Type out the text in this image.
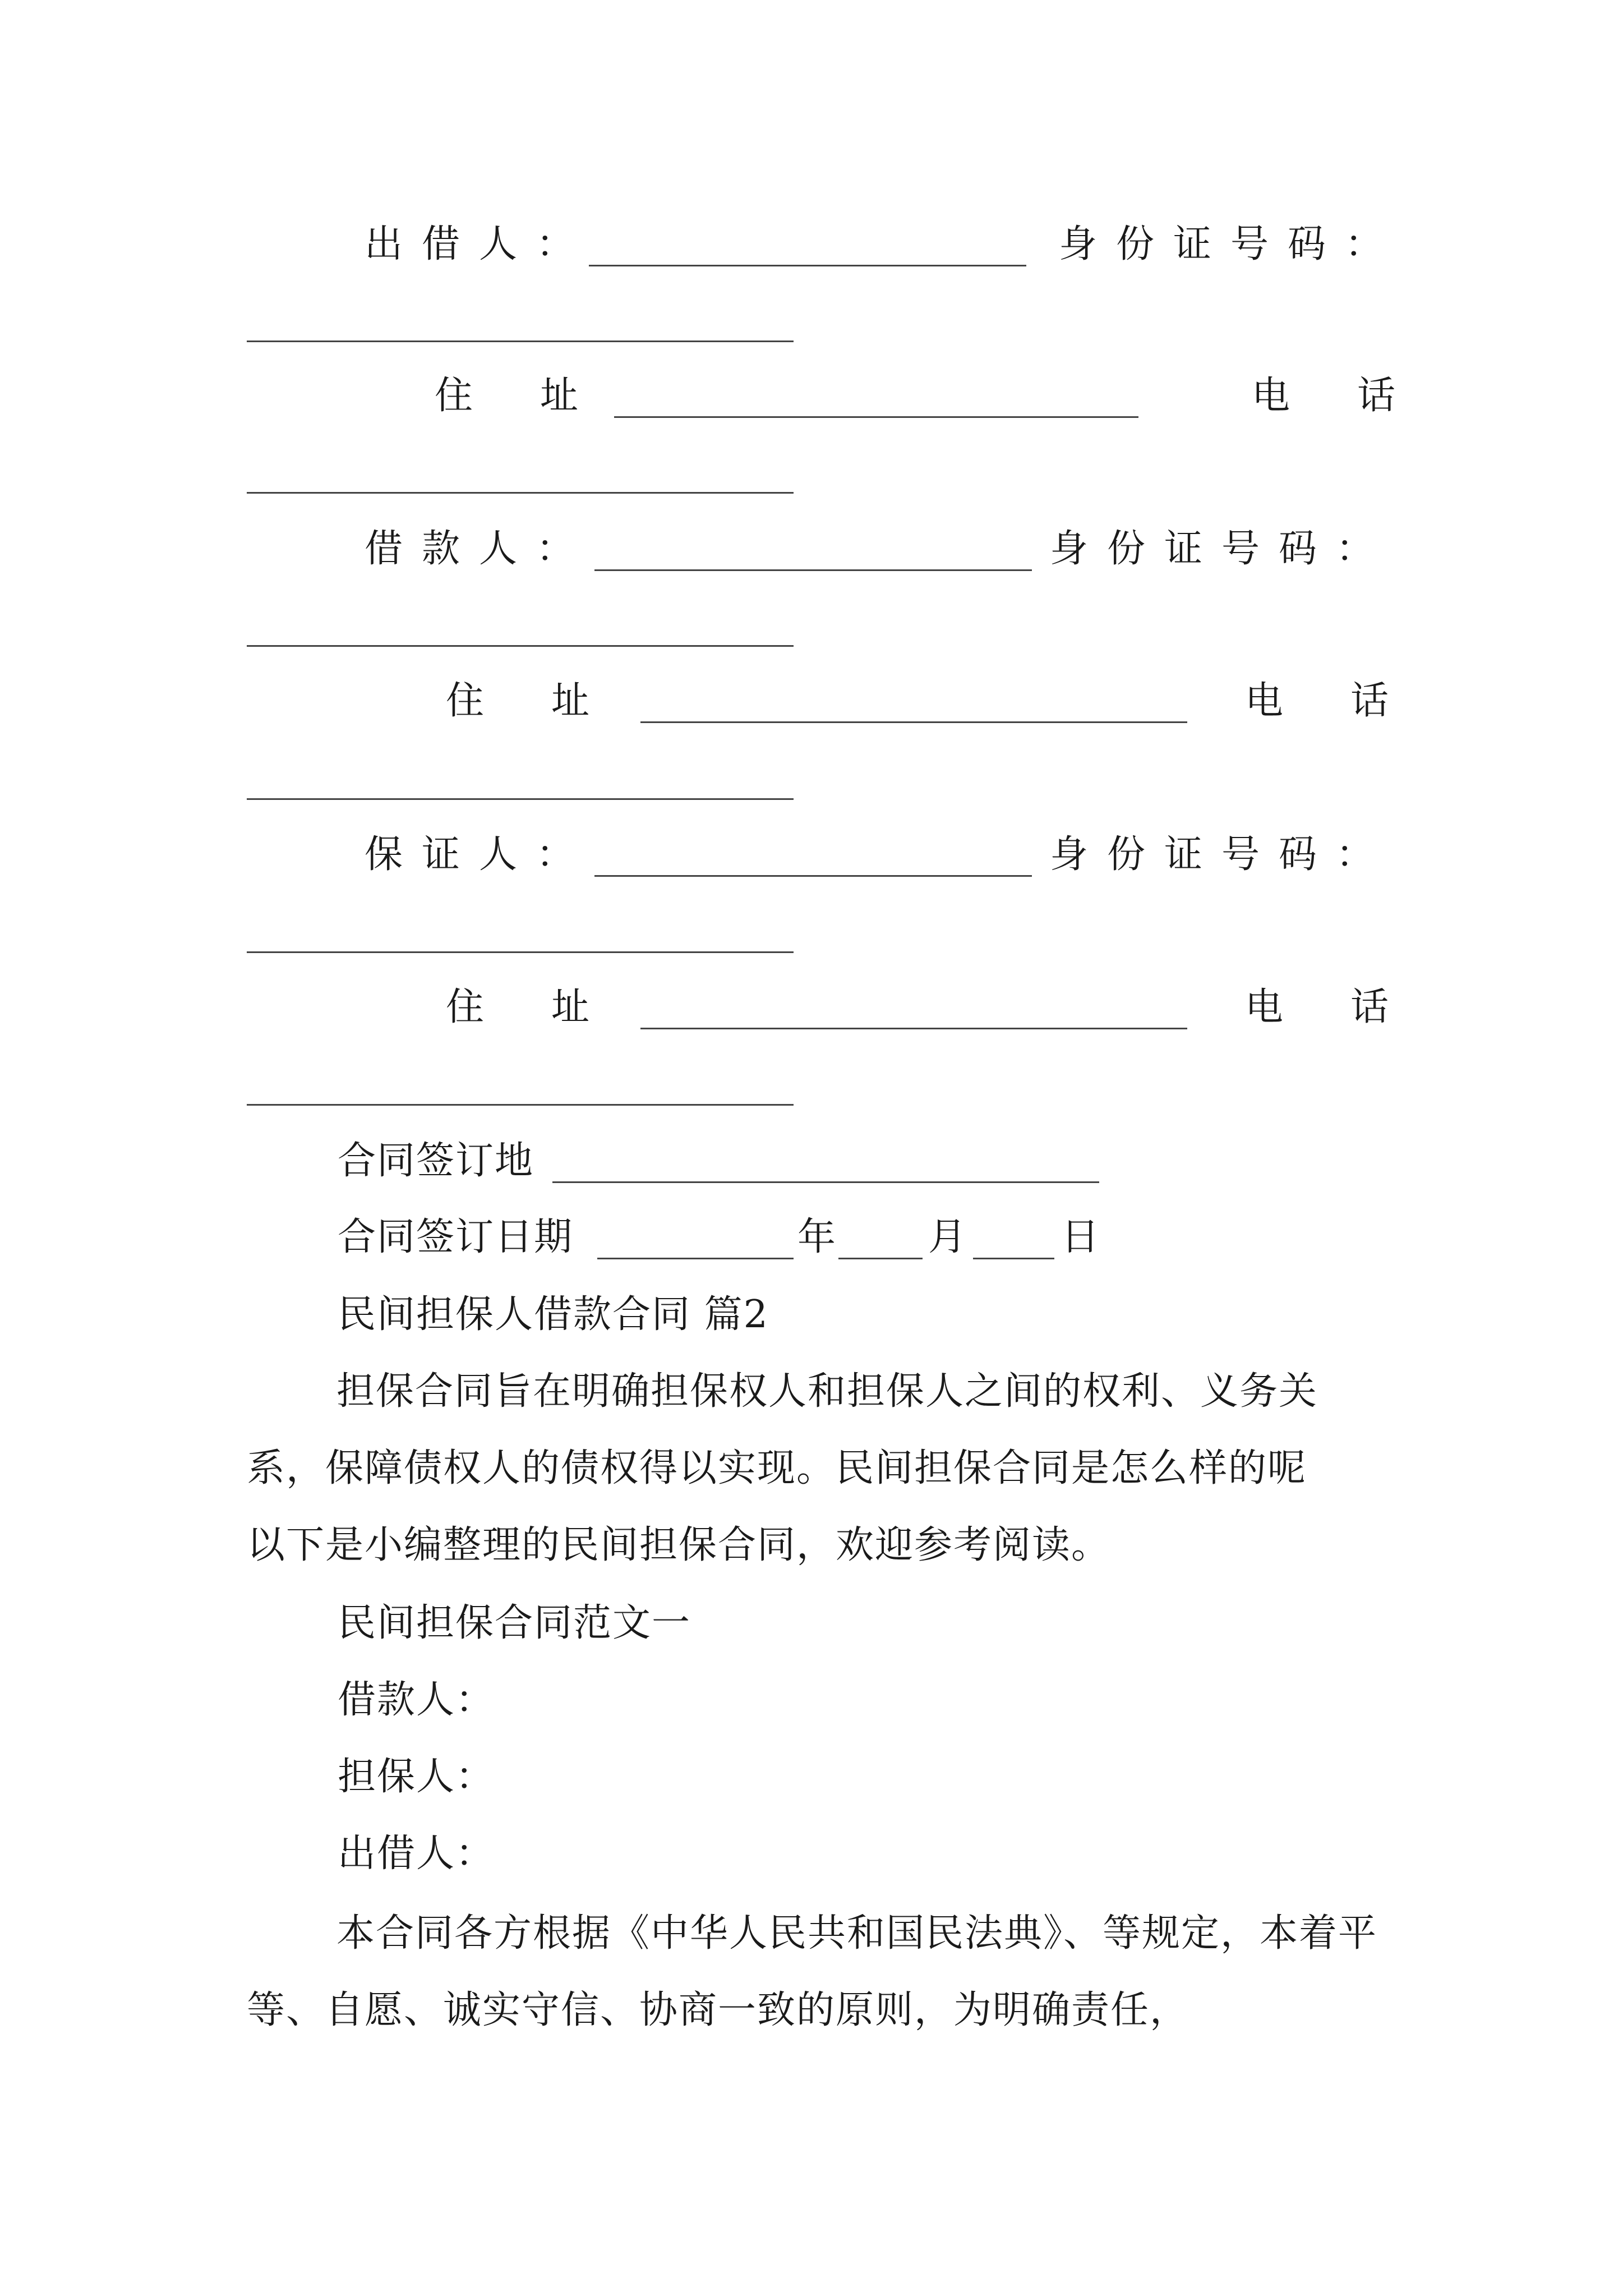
出借人：	身份证号码：
住址	电话
借款人：	身份证号码：
住址	电话
保证人：	身份证号码：
住址	电话
合同签订地
合同签订日期	年 月 日
民间担保人借款合同 篇2
担保合同旨在明确担保权人和担保人之间的权利、义务关系，保障债权人的债权得以实现。民间担保合同是怎么样的呢　以下是小编整理的民间担保合同，欢迎参考阅读。
民间担保合同范文一
借款人：
担保人：
出借人：
本合同各方根据《中华人民共和国民法典》、等规定，本着平等、自愿、诚实守信、协商一致的原则，为明确责任，
